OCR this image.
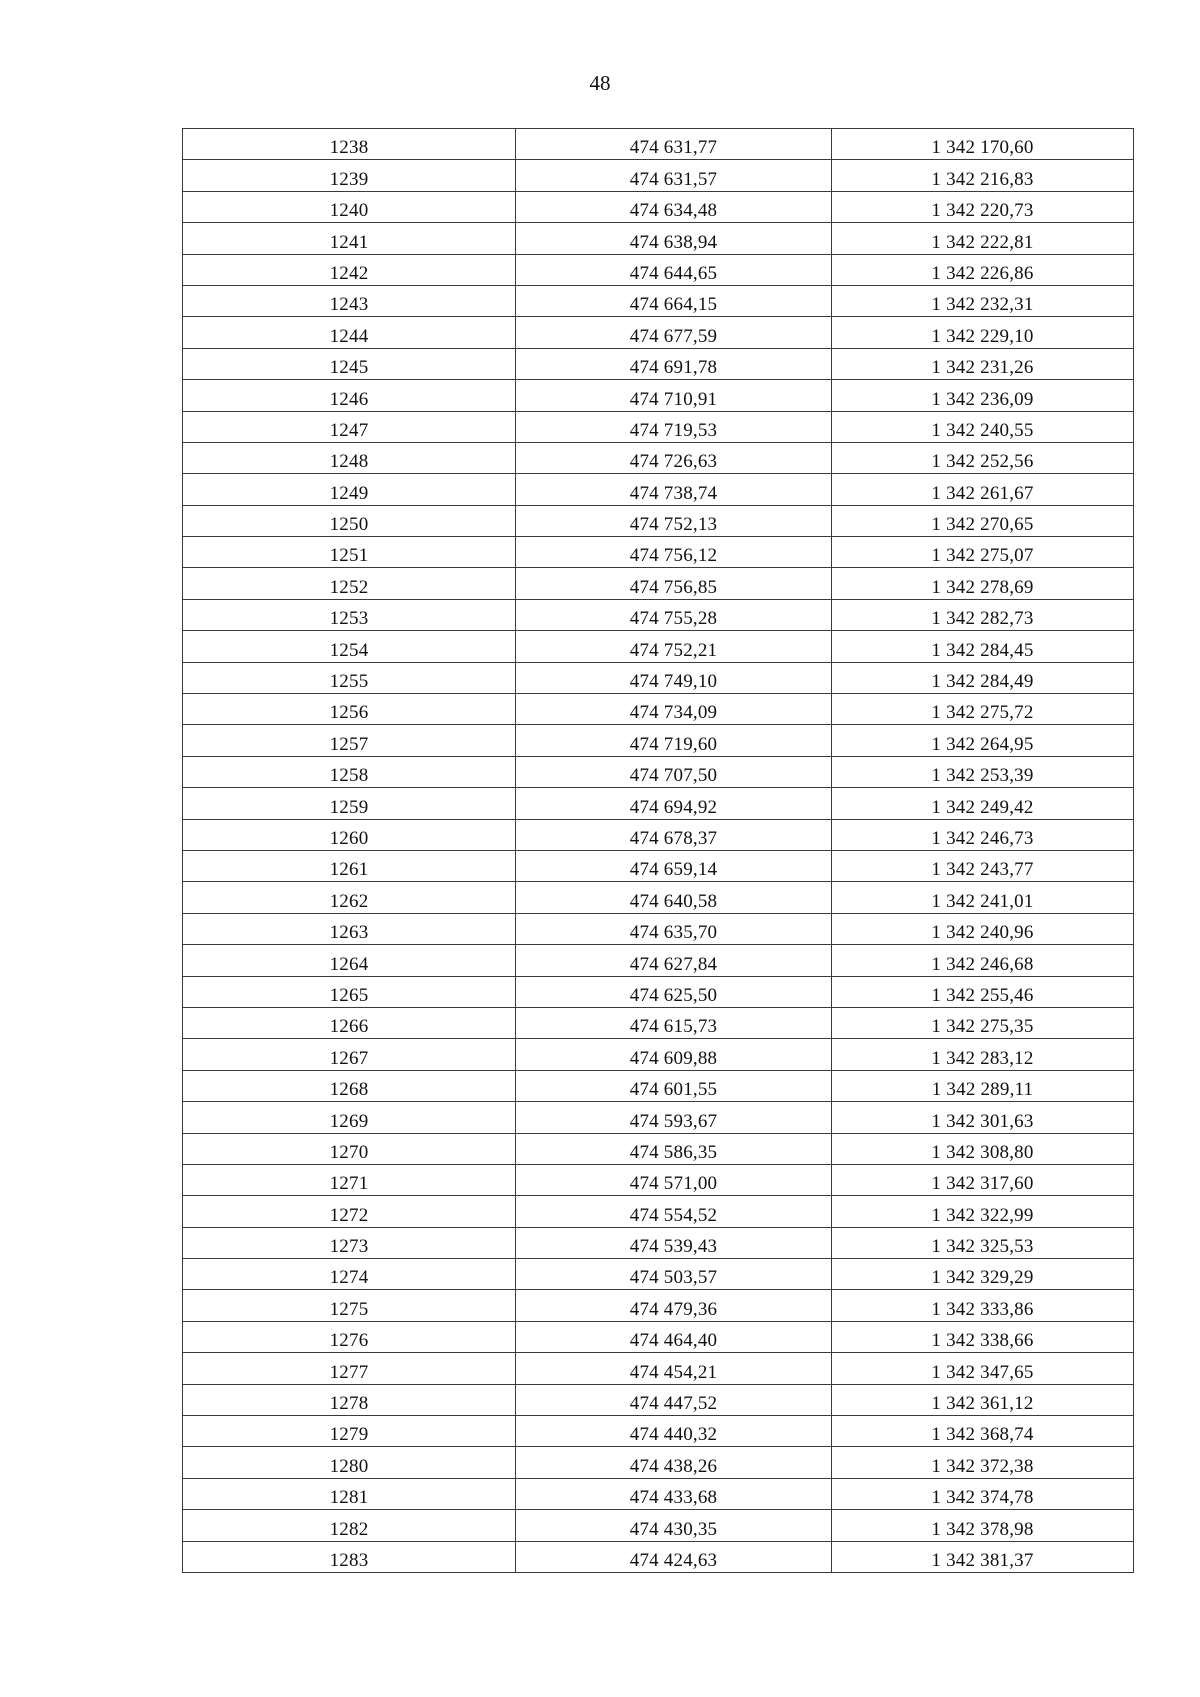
48
1238	474 631,77	1 342 170,60
1239	474 631,57	1 342 216,83
1240	474 634,48	1 342 220,73
1241	474 638,94	1 342 222,81
1242	474 644,65	1 342 226,86
1243	474 664,15	1 342 232,31
1244	474 677,59	1 342 229,10
1245	474 691,78	1 342 231,26
1246	474 710,91	1 342 236,09
1247	474 719,53	1 342 240,55
1248	474 726,63	1 342 252,56
1249	474 738,74	1 342 261,67
1250	474 752,13	1 342 270,65
1251	474 756,12	1 342 275,07
1252	474 756,85	1 342 278,69
1253	474 755,28	1 342 282,73
1254	474 752,21	1 342 284,45
1255	474 749,10	1 342 284,49
1256	474 734,09	1 342 275,72
1257	474 719,60	1 342 264,95
1258	474 707,50	1 342 253,39
1259	474 694,92	1 342 249,42
1260	474 678,37	1 342 246,73
1261	474 659,14	1 342 243,77
1262	474 640,58	1 342 241,01
1263	474 635,70	1 342 240,96
1264	474 627,84	1 342 246,68
1265	474 625,50	1 342 255,46
1266	474 615,73	1 342 275,35
1267	474 609,88	1 342 283,12
1268	474 601,55	1 342 289,11
1269	474 593,67	1 342 301,63
1270	474 586,35	1 342 308,80
1271	474 571,00	1 342 317,60
1272	474 554,52	1 342 322,99
1273	474 539,43	1 342 325,53
1274	474 503,57	1 342 329,29
1275	474 479,36	1 342 333,86
1276	474 464,40	1 342 338,66
1277	474 454,21	1 342 347,65
1278	474 447,52	1 342 361,12
1279	474 440,32	1 342 368,74
1280	474 438,26	1 342 372,38
1281	474 433,68	1 342 374,78
1282	474 430,35	1 342 378,98
1283	474 424,63	1 342 381,37
